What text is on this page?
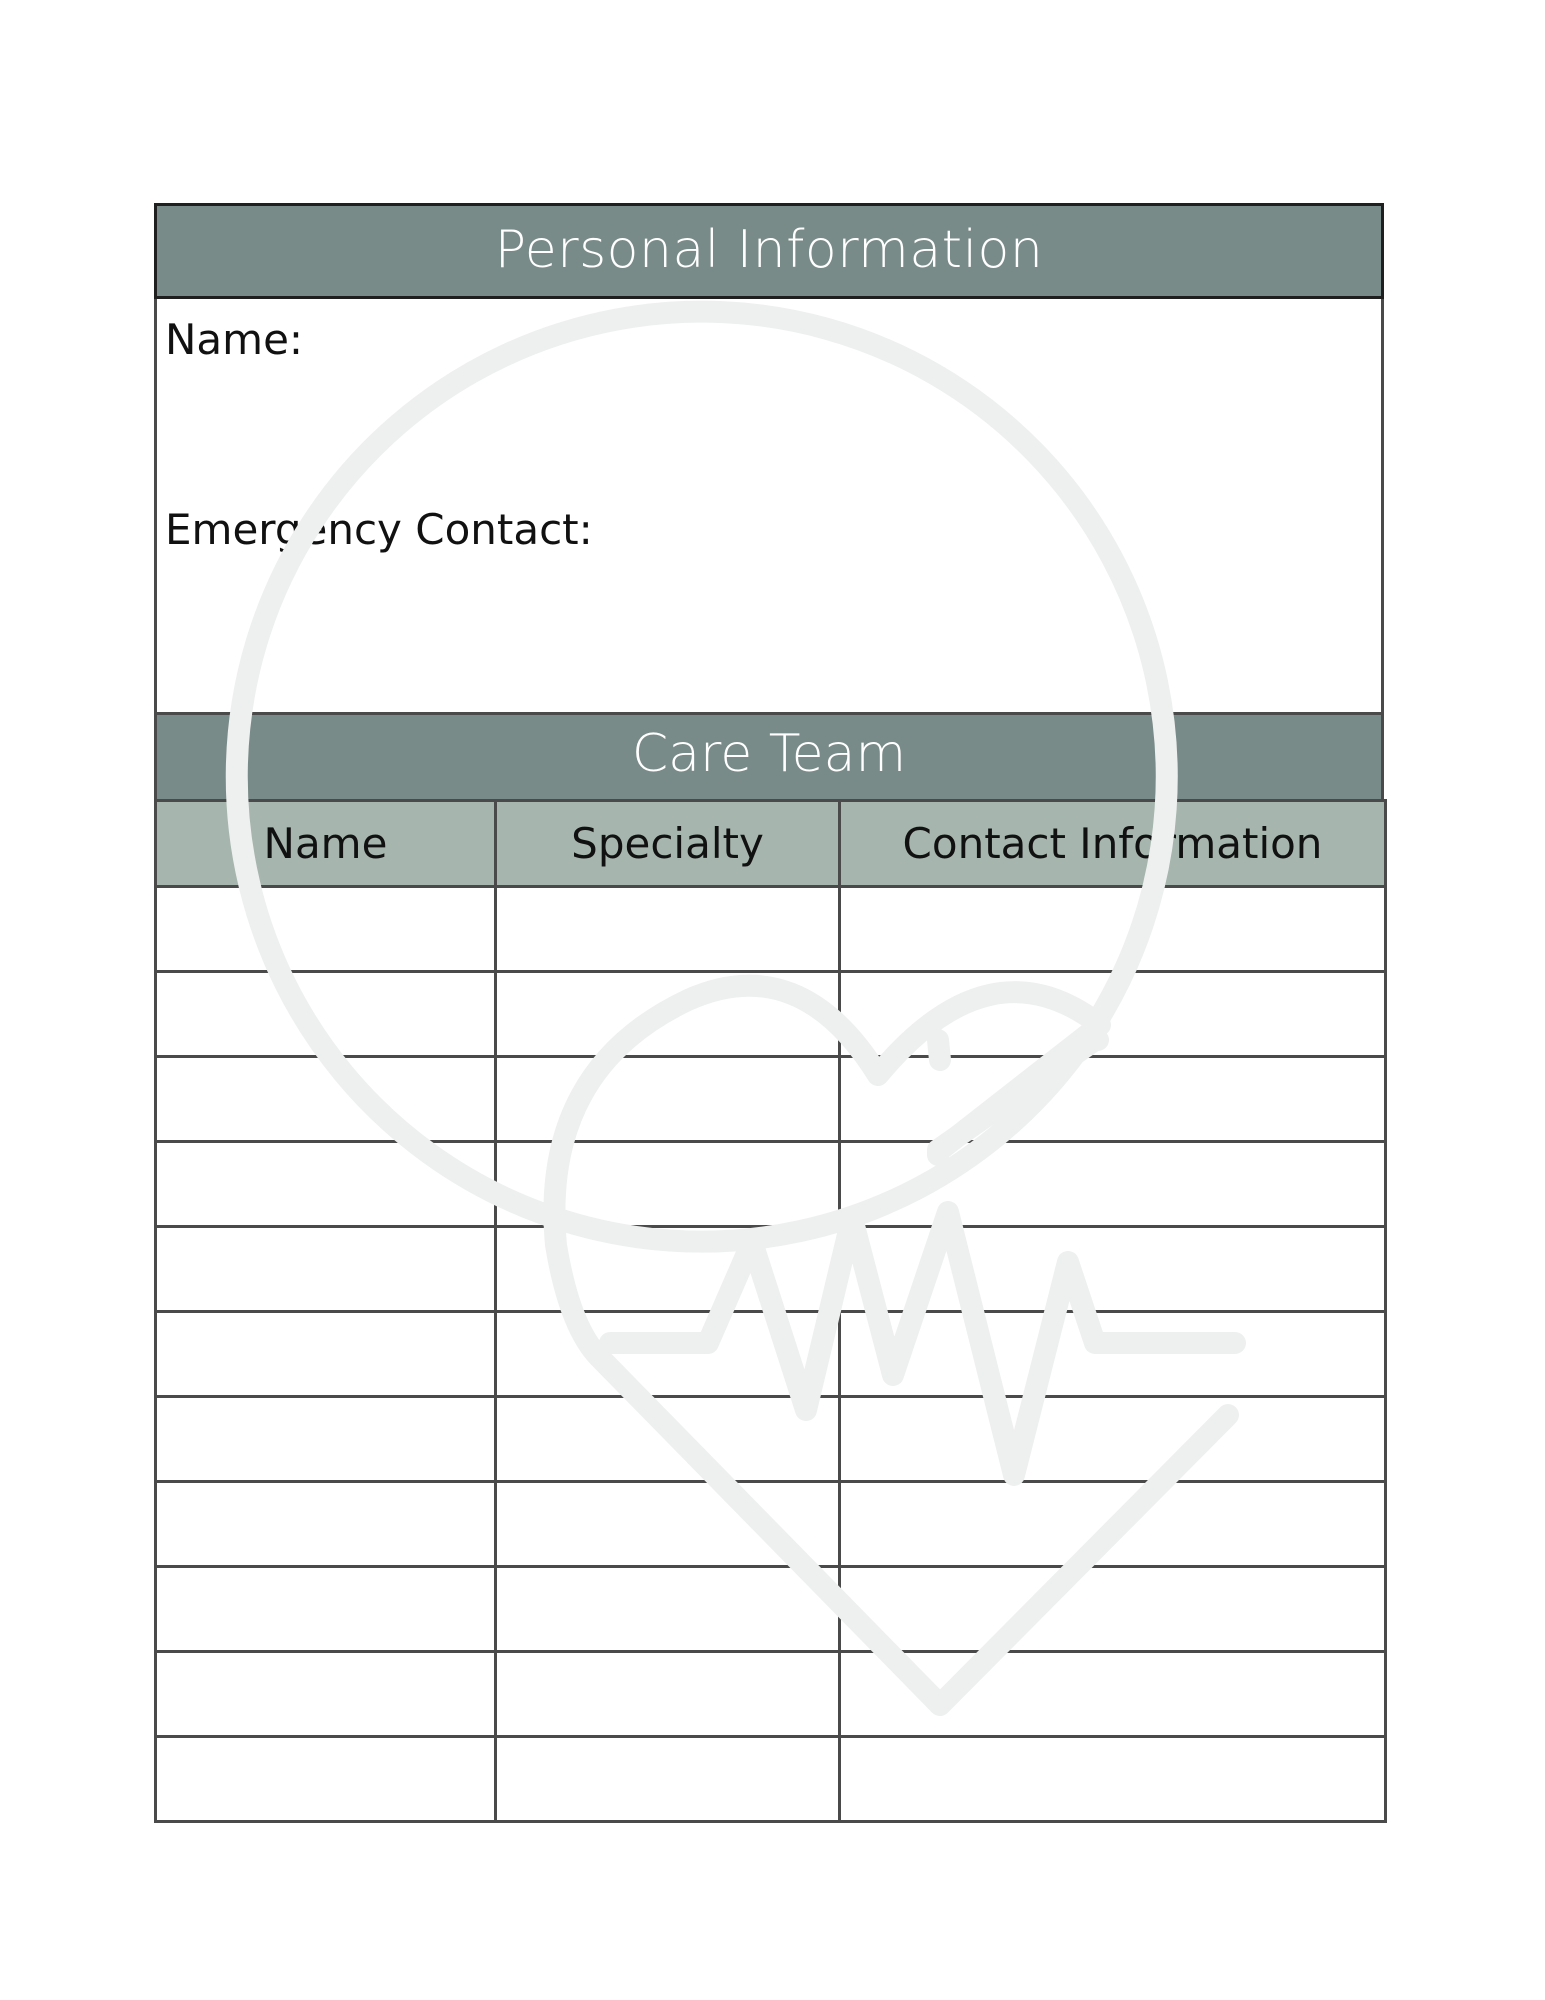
Personal Information
Name:
Emergency Contact:
Care Team
Name	Specialty	Contact Information
